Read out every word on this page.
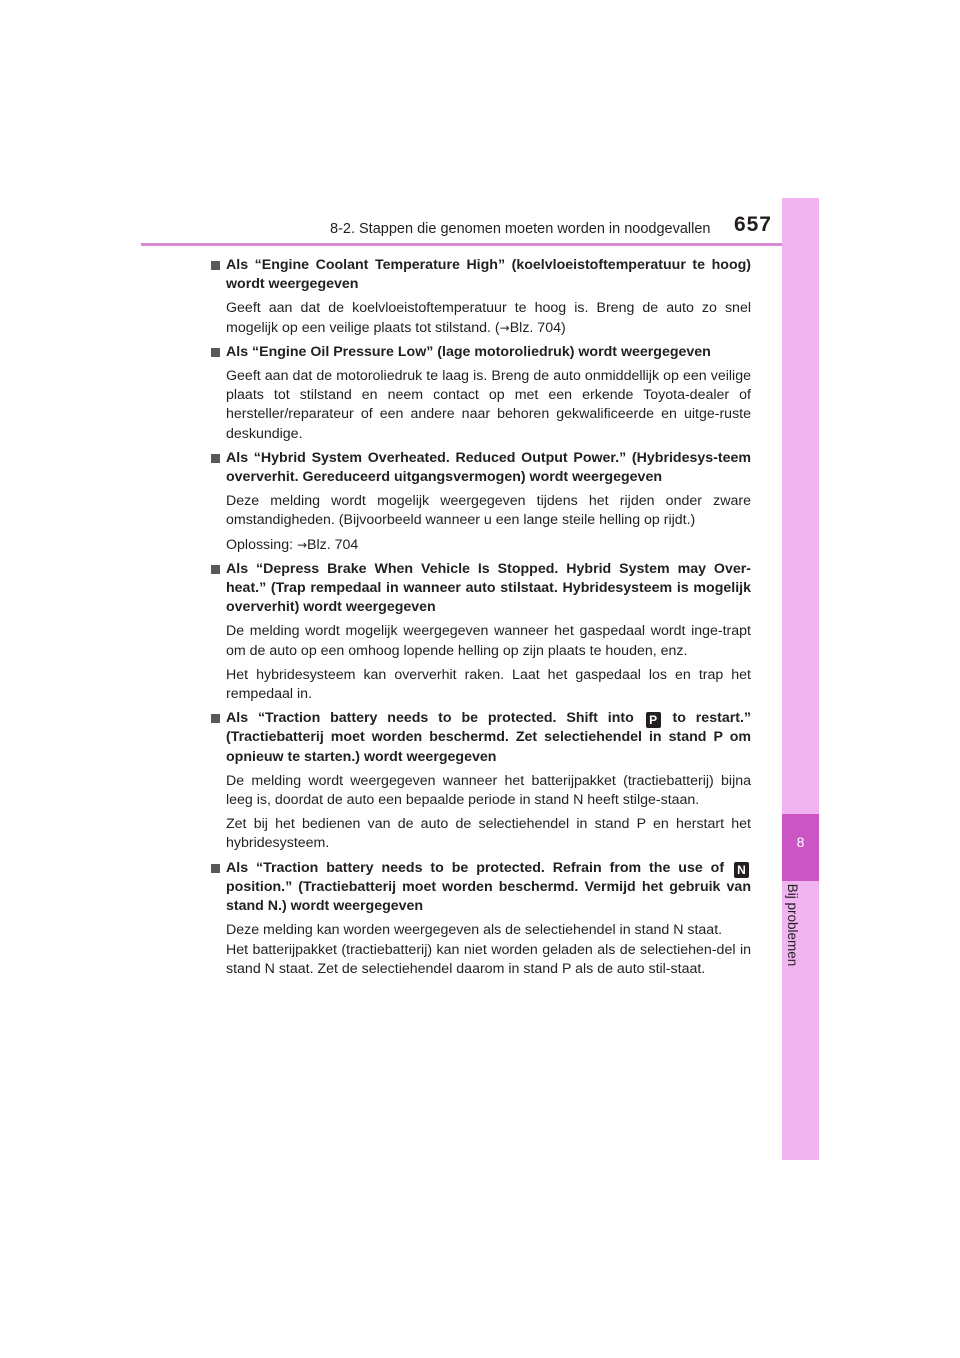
8-2. Stappen die genomen moeten worden in noodgevallen	657
8
Bij problemen
Als “Engine Coolant Temperature High” (koelvloeistoftemperatuur te hoog) wordt weergegeven

Geeft aan dat de koelvloeistoftemperatuur te hoog is. Breng de auto zo snel mogelijk op een veilige plaats tot stilstand. (→Blz. 704)

Als “Engine Oil Pressure Low” (lage motoroliedruk) wordt weergegeven

Geeft aan dat de motoroliedruk te laag is. Breng de auto onmiddellijk op een veilige plaats tot stilstand en neem contact op met een erkende Toyota-dealer of hersteller/reparateur of een andere naar behoren gekwalificeerde en uitge-ruste deskundige.

Als “Hybrid System Overheated. Reduced Output Power.” (Hybridesys-teem oververhit. Gereduceerd uitgangsvermogen) wordt weergegeven

Deze melding wordt mogelijk weergegeven tijdens het rijden onder zware omstandigheden. (Bijvoorbeeld wanneer u een lange steile helling op rijdt.)

Oplossing: →Blz. 704

Als “Depress Brake When Vehicle Is Stopped. Hybrid System may Over-heat.” (Trap rempedaal in wanneer auto stilstaat. Hybridesysteem is mogelijk oververhit) wordt weergegeven

De melding wordt mogelijk weergegeven wanneer het gaspedaal wordt inge-trapt om de auto op een omhoog lopende helling op zijn plaats te houden, enz.

Het hybridesysteem kan oververhit raken. Laat het gaspedaal los en trap het rempedaal in.

Als “Traction battery needs to be protected. Shift into P to restart.” (Tractiebatterij moet worden beschermd. Zet selectiehendel in stand P om opnieuw te starten.) wordt weergegeven

De melding wordt weergegeven wanneer het batterijpakket (tractiebatterij) bijna leeg is, doordat de auto een bepaalde periode in stand N heeft stilge-staan.

Zet bij het bedienen van de auto de selectiehendel in stand P en herstart het hybridesysteem.

Als “Traction battery needs to be protected. Refrain from the use of N position.” (Tractiebatterij moet worden beschermd. Vermijd het gebruik van stand N.) wordt weergegeven

Deze melding kan worden weergegeven als de selectiehendel in stand N staat.
Het batterijpakket (tractiebatterij) kan niet worden geladen als de selectiehen-del in stand N staat. Zet de selectiehendel daarom in stand P als de auto stil-staat.
